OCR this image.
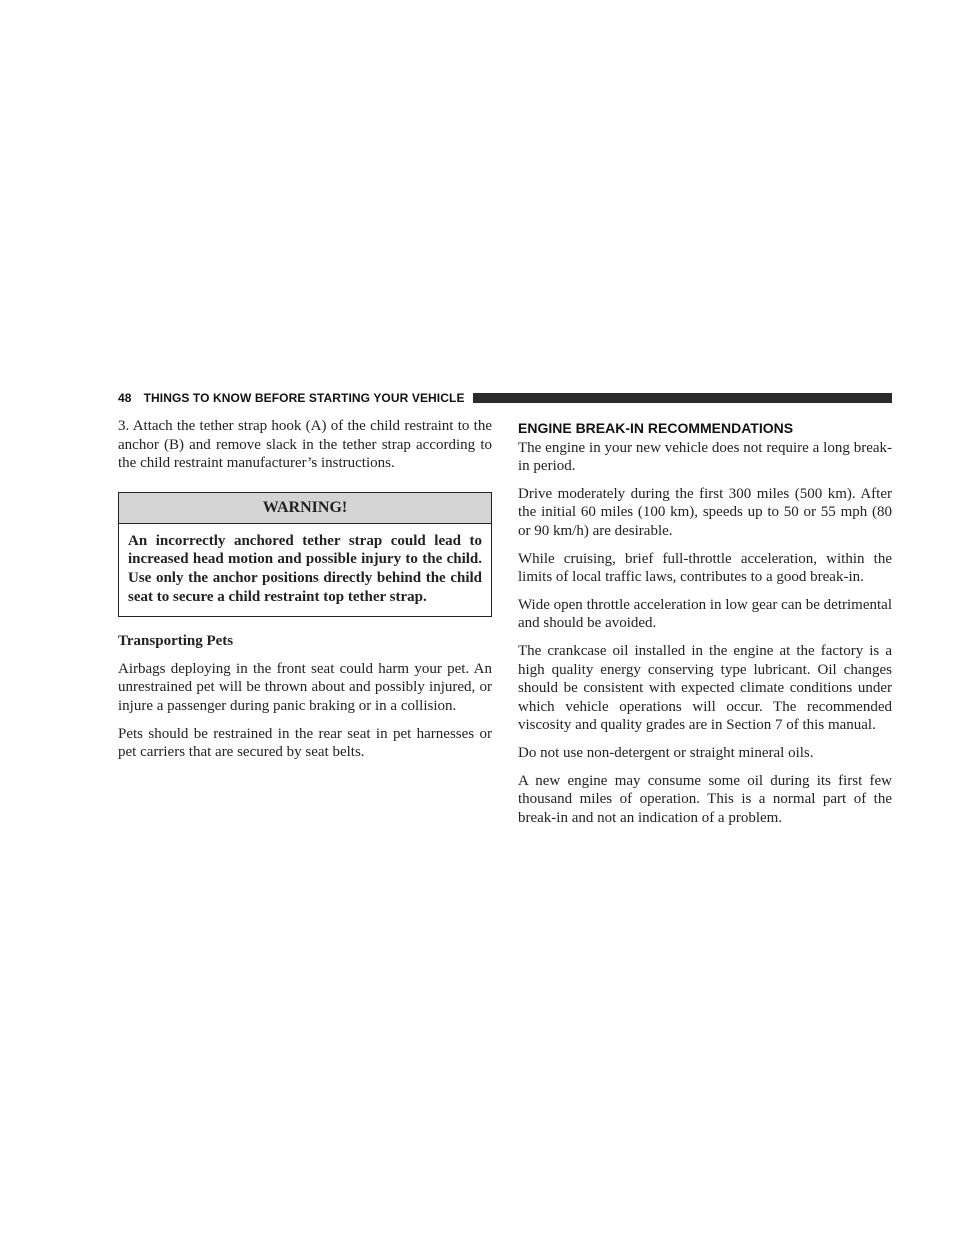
48 THINGS TO KNOW BEFORE STARTING YOUR VEHICLE

3. Attach the tether strap hook (A) of the child restraint to the anchor (B) and remove slack in the tether strap according to the child restraint manufacturer’s instructions.

WARNING!
An incorrectly anchored tether strap could lead to increased head motion and possible injury to the child. Use only the anchor positions directly behind the child seat to secure a child restraint top tether strap.

Transporting Pets

Airbags deploying in the front seat could harm your pet. An unrestrained pet will be thrown about and possibly injured, or injure a passenger during panic braking or in a collision.

Pets should be restrained in the rear seat in pet harnesses or pet carriers that are secured by seat belts.

ENGINE BREAK-IN RECOMMENDATIONS

The engine in your new vehicle does not require a long break-in period.

Drive moderately during the first 300 miles (500 km). After the initial 60 miles (100 km), speeds up to 50 or 55 mph (80 or 90 km/h) are desirable.

While cruising, brief full-throttle acceleration, within the limits of local traffic laws, contributes to a good break-in.

Wide open throttle acceleration in low gear can be detrimental and should be avoided.

The crankcase oil installed in the engine at the factory is a high quality energy conserving type lubricant. Oil changes should be consistent with expected climate conditions under which vehicle operations will occur. The recommended viscosity and quality grades are in Section 7 of this manual.

Do not use non-detergent or straight mineral oils.

A new engine may consume some oil during its first few thousand miles of operation. This is a normal part of the break-in and not an indication of a problem.
